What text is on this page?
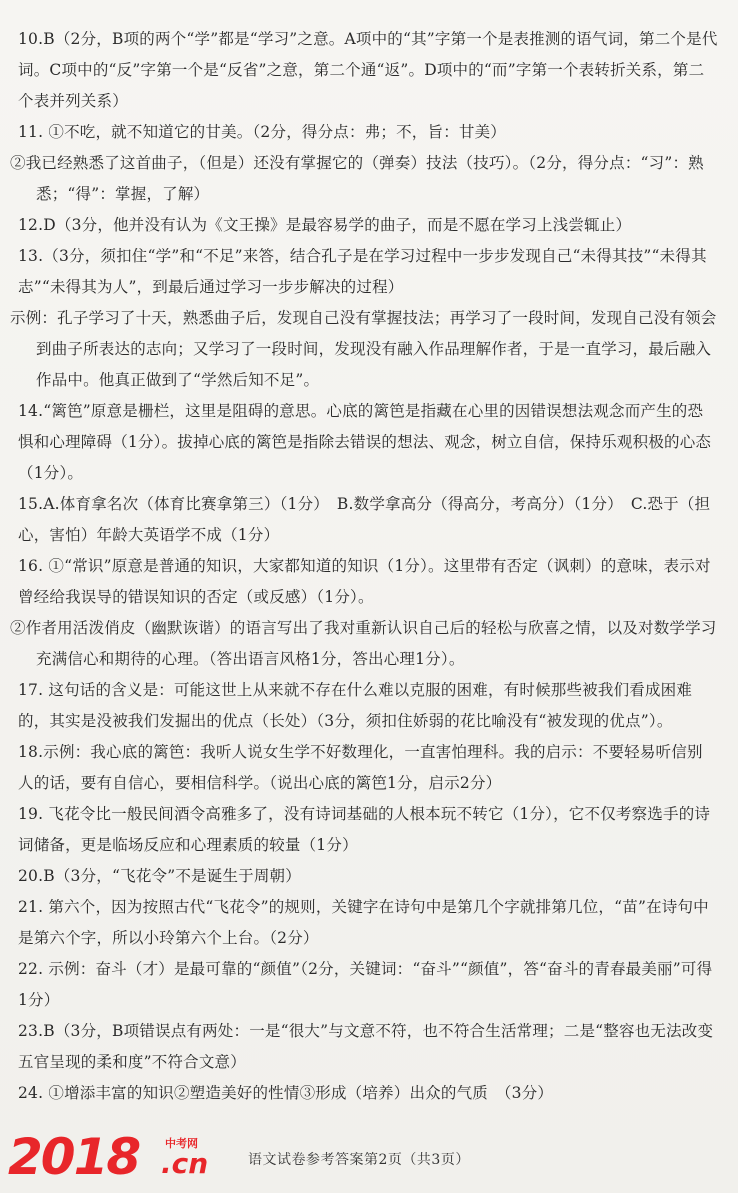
10.B（2分，B项的两个“学”都是“学习”之意。A项中的“其”字第一个是表推测的语气词，第二个是代词。C项中的“反”字第一个是“反省”之意，第二个通“返”。D项中的“而”字第一个表转折关系，第二个表并列关系）

11. ①不吃，就不知道它的甘美。（2分，得分点：弗；不，旨：甘美）

②我已经熟悉了这首曲子，（但是）还没有掌握它的（弹奏）技法（技巧）。（2分，得分点：“习”：熟悉；“得”：掌握，了解）

12.D（3分，他并没有认为《文王操》是最容易学的曲子，而是不愿在学习上浅尝辄止）

13.（3分，须扣住“学”和“不足”来答，结合孔子是在学习过程中一步步发现自己“未得其技”“未得其志”“未得其为人”，到最后通过学习一步步解决的过程）

示例：孔子学习了十天，熟悉曲子后，发现自己没有掌握技法；再学习了一段时间，发现自己没有领会到曲子所表达的志向；又学习了一段时间，发现没有融入作品理解作者，于是一直学习，最后融入作品中。他真正做到了“学然后知不足”。

14.“篱笆”原意是栅栏，这里是阻碍的意思。心底的篱笆是指藏在心里的因错误想法观念而产生的恐惧和心理障碍（1分）。拔掉心底的篱笆是指除去错误的想法、观念，树立自信，保持乐观积极的心态（1分）。

15.A.体育拿名次（体育比赛拿第三）（1分）　B.数学拿高分（得高分，考高分）（1分）　C.恐于（担心，害怕）年龄大英语学不成（1分）

16. ①“常识”原意是普通的知识，大家都知道的知识（1分）。这里带有否定（讽刺）的意味，表示对曾经给我误导的错误知识的否定（或反感）（1分）。

②作者用活泼俏皮（幽默诙谐）的语言写出了我对重新认识自己后的轻松与欣喜之情，以及对数学学习充满信心和期待的心理。（答出语言风格1分，答出心理1分）。

17. 这句话的含义是：可能这世上从来就不存在什么难以克服的困难，有时候那些被我们看成困难的，其实是没被我们发掘出的优点（长处）（3分，须扣住娇弱的花比喻没有“被发现的优点”）。

18.示例：我心底的篱笆：我听人说女生学不好数理化，一直害怕理科。我的启示：不要轻易听信别人的话，要有自信心，要相信科学。（说出心底的篱笆1分，启示2分）

19. 飞花令比一般民间酒令高雅多了，没有诗词基础的人根本玩不转它（1分），它不仅考察选手的诗词储备，更是临场反应和心理素质的较量（1分）

20.B（3分，“飞花令”不是诞生于周朝）

21. 第六个，因为按照古代“飞花令”的规则，关键字在诗句中是第几个字就排第几位，“苗”在诗句中是第六个字，所以小玲第六个上台。（2分）

22. 示例：奋斗（才）是最可靠的“颜值”（2分，关键词：“奋斗”“颜值”，答“奋斗的青春最美丽”可得1分）

23.B（3分，B项错误点有两处：一是“很大”与文意不符，也不符合生活常理；二是“整容也无法改变五官呈现的柔和度”不符合文意）

24. ①增添丰富的知识②塑造美好的性情③形成（培养）出众的气质　（3分）

2018 中考网
.cn	语文试卷参考答案第2页（共3页）
